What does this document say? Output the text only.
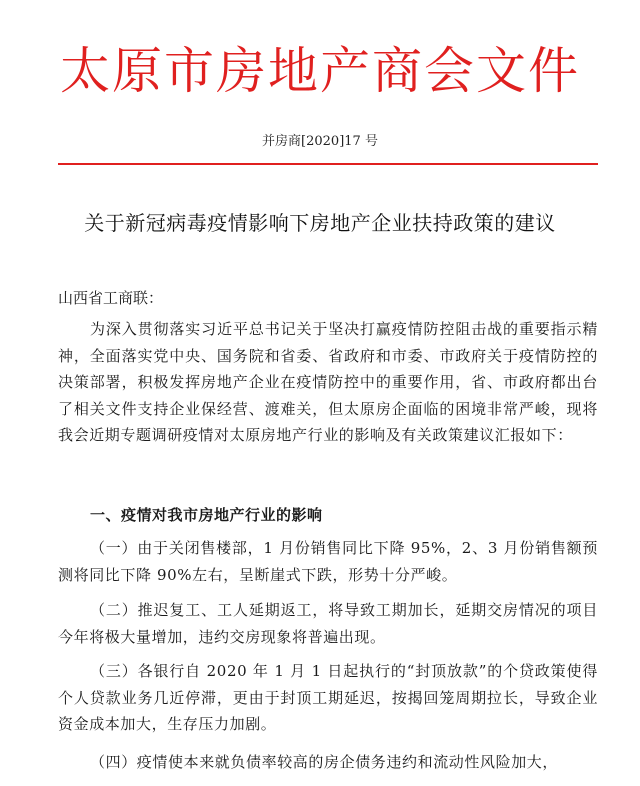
太原市房地产商会文件
并房商[2020]17 号
关于新冠病毒疫情影响下房地产企业扶持政策的建议
山西省工商联：
为深入贯彻落实习近平总书记关于坚决打赢疫情防控阻击战的重要指示精神，全面落实党中央、国务院和省委、省政府和市委、市政府关于疫情防控的决策部署，积极发挥房地产企业在疫情防控中的重要作用，省、市政府都出台了相关文件支持企业保经营、渡难关，但太原房企面临的困境非常严峻，现将我会近期专题调研疫情对太原房地产行业的影响及有关政策建议汇报如下：
一、疫情对我市房地产行业的影响
（一）由于关闭售楼部，1 月份销售同比下降 95%，2、3 月份销售额预测将同比下降 90%左右，呈断崖式下跌，形势十分严峻。
（二）推迟复工、工人延期返工，将导致工期加长，延期交房情况的项目今年将极大量增加，违约交房现象将普遍出现。
（三）各银行自 2020 年 1 月 1 日起执行的“封顶放款”的个贷政策使得个人贷款业务几近停滞，更由于封顶工期延迟，按揭回笼周期拉长，导致企业资金成本加大，生存压力加剧。
（四）疫情使本来就负债率较高的房企债务违约和流动性风险加大，
